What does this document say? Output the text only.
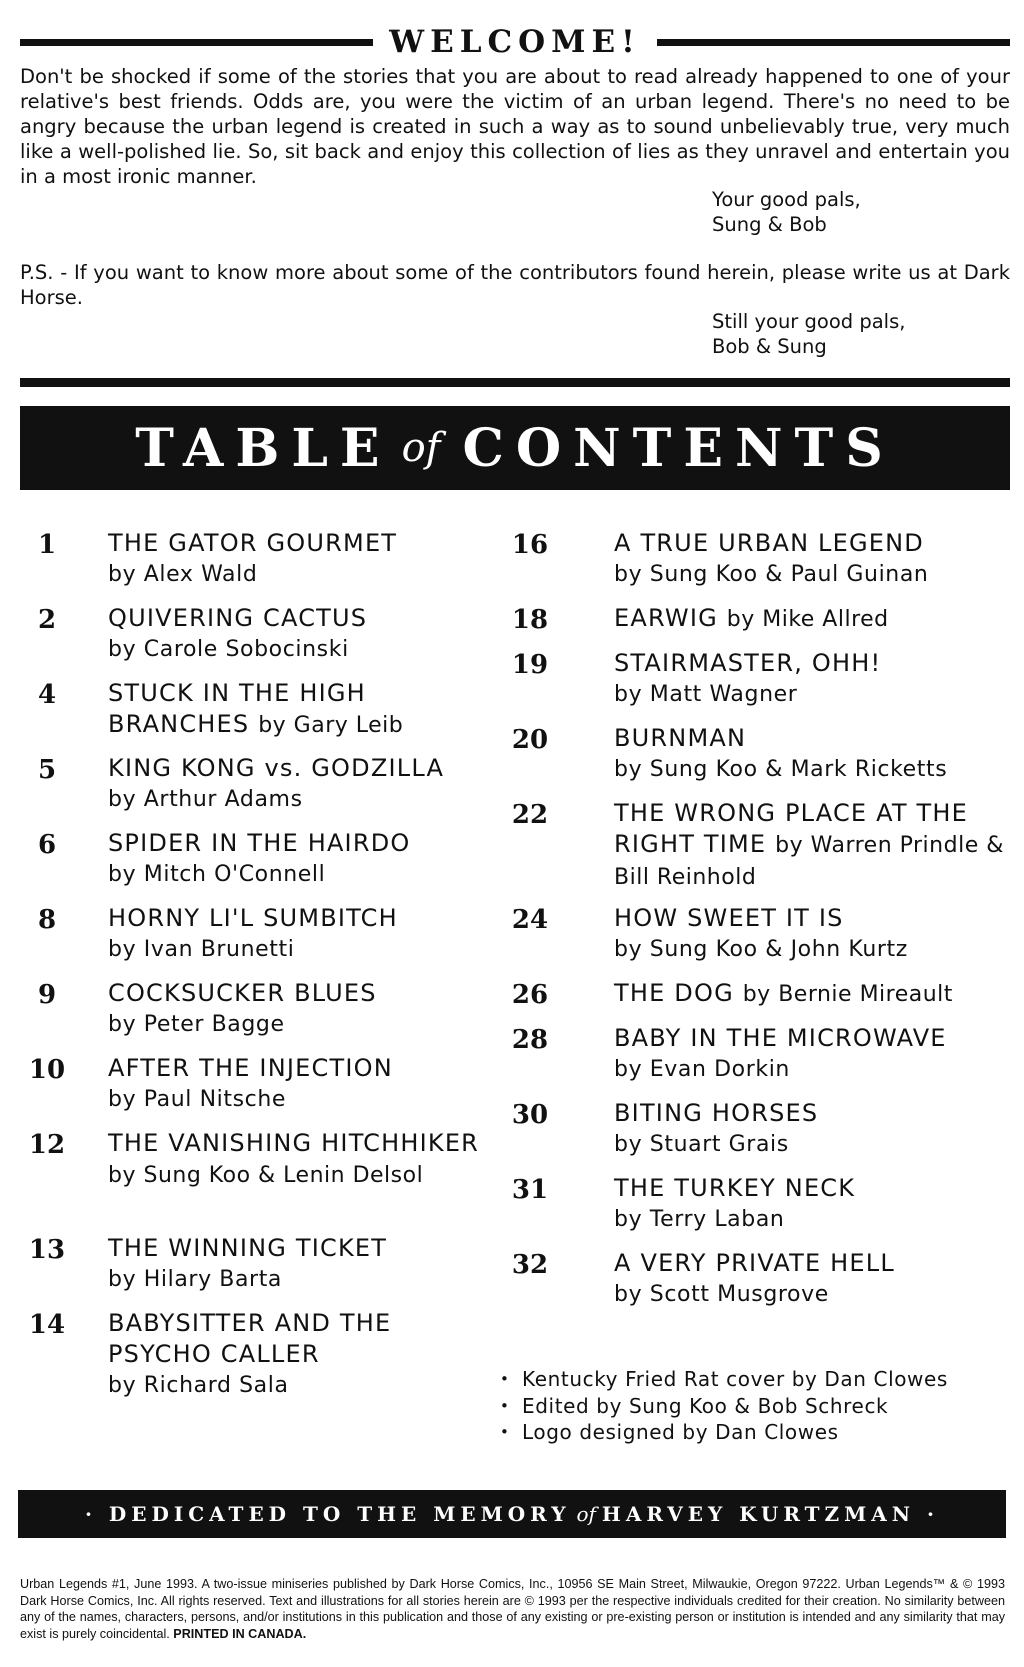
WELCOME!

Don't be shocked if some of the stories that you are about to read already happened to one of your relative's best friends. Odds are, you were the victim of an urban legend. There's no need to be angry because the urban legend is created in such a way as to sound unbelievably true, very much like a well-polished lie. So, sit back and enjoy this collection of lies as they unravel and entertain you in a most ironic manner.

Your good pals,
Sung & Bob

P.S. - If you want to know more about some of the contributors found herein, please write us at Dark Horse.

Still your good pals,
Bob & Sung
TABLE of CONTENTS
1	THE GATOR GOURMET
by Alex Wald
2	QUIVERING CACTUS
by Carole Sobocinski
4	STUCK IN THE HIGH BRANCHES by Gary Leib
5	KING KONG vs. GODZILLA
by Arthur Adams
6	SPIDER IN THE HAIRDO
by Mitch O'Connell
8	HORNY LI'L SUMBITCH
by Ivan Brunetti
9	COCKSUCKER BLUES
by Peter Bagge
10	AFTER THE INJECTION
by Paul Nitsche
12	THE VANISHING HITCHHIKER by Sung Koo & Lenin Delsol
13	THE WINNING TICKET
by Hilary Barta
14	BABYSITTER AND THE PSYCHO CALLER
by Richard Sala
16	A TRUE URBAN LEGEND
by Sung Koo & Paul Guinan
18	EARWIG by Mike Allred
19	STAIRMASTER, OHH!
by Matt Wagner
20	BURNMAN
by Sung Koo & Mark Ricketts
22	THE WRONG PLACE AT THE RIGHT TIME by Warren Prindle & Bill Reinhold
24	HOW SWEET IT IS
by Sung Koo & John Kurtz
26	THE DOG by Bernie Mireault
28	BABY IN THE MICROWAVE
by Evan Dorkin
30	BITING HORSES
by Stuart Grais
31	THE TURKEY NECK
by Terry Laban
32	A VERY PRIVATE HELL
by Scott Musgrove
• Kentucky Fried Rat cover by Dan Clowes
• Edited by Sung Koo & Bob Schreck
• Logo designed by Dan Clowes
· DEDICATED TO THE MEMORY of HARVEY KURTZMAN ·

Urban Legends #1, June 1993. A two-issue miniseries published by Dark Horse Comics, Inc., 10956 SE Main Street, Milwaukie, Oregon 97222. Urban Legends™ & © 1993 Dark Horse Comics, Inc. All rights reserved. Text and illustrations for all stories herein are © 1993 per the respective individuals credited for their creation. No similarity between any of the names, characters, persons, and/or institutions in this publication and those of any existing or pre-existing person or institution is intended and any similarity that may exist is purely coincidental. PRINTED IN CANADA.
